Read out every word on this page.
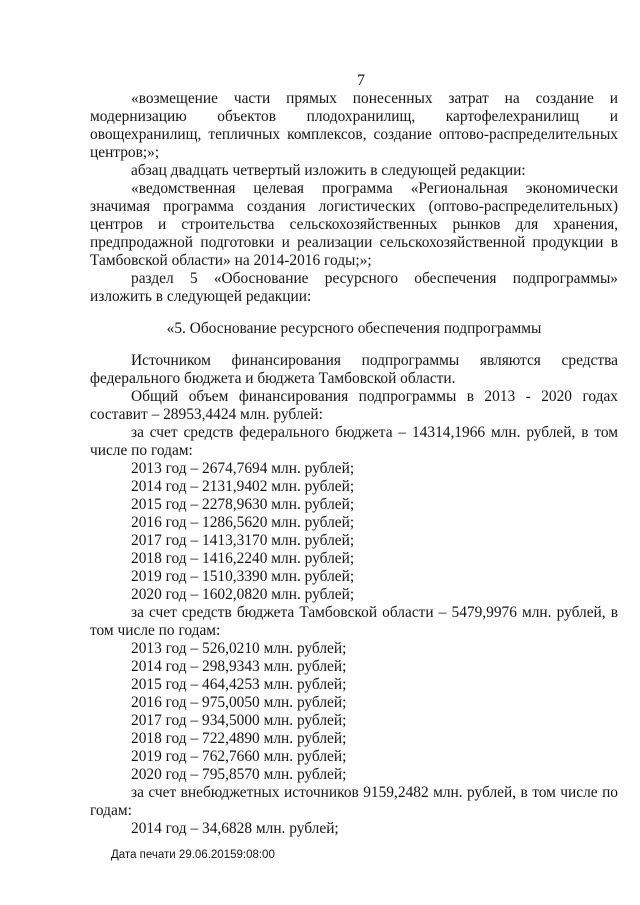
7
«возмещение части прямых понесенных затрат на создание и
модернизацию объектов плодохранилищ, картофелехранилищ и
овощехранилищ, тепличных комплексов, создание оптово-распределительных
центров;»;
абзац двадцать четвертый изложить в следующей редакции:
«ведомственная целевая программа «Региональная экономически
значимая программа создания логистических (оптово-распределительных)
центров и строительства сельскохозяйственных рынков для хранения,
предпродажной подготовки и реализации сельскохозяйственной продукции в
Тамбовской области» на 2014-2016 годы;»;
раздел 5 «Обоснование ресурсного обеспечения подпрограммы»
изложить в следующей редакции:
«5. Обоснование ресурсного обеспечения подпрограммы
Источником финансирования подпрограммы являются средства
федерального бюджета и бюджета Тамбовской области.
Общий объем финансирования подпрограммы в 2013 - 2020 годах
составит – 28953,4424 млн. рублей:
за счет средств федерального бюджета – 14314,1966 млн. рублей, в том
числе по годам:
2013 год – 2674,7694 млн. рублей;
2014 год – 2131,9402 млн. рублей;
2015 год – 2278,9630 млн. рублей;
2016 год – 1286,5620 млн. рублей;
2017 год – 1413,3170 млн. рублей;
2018 год – 1416,2240 млн. рублей;
2019 год – 1510,3390 млн. рублей;
2020 год – 1602,0820 млн. рублей;
за счет средств бюджета Тамбовской области – 5479,9976 млн. рублей, в
том числе по годам:
2013 год – 526,0210 млн. рублей;
2014 год – 298,9343 млн. рублей;
2015 год – 464,4253 млн. рублей;
2016 год – 975,0050 млн. рублей;
2017 год – 934,5000 млн. рублей;
2018 год – 722,4890 млн. рублей;
2019 год – 762,7660 млн. рублей;
2020 год – 795,8570 млн. рублей;
за счет внебюджетных источников 9159,2482 млн. рублей, в том числе по
годам:
2014 год – 34,6828 млн. рублей;
Дата печати 29.06.20159:08:00
